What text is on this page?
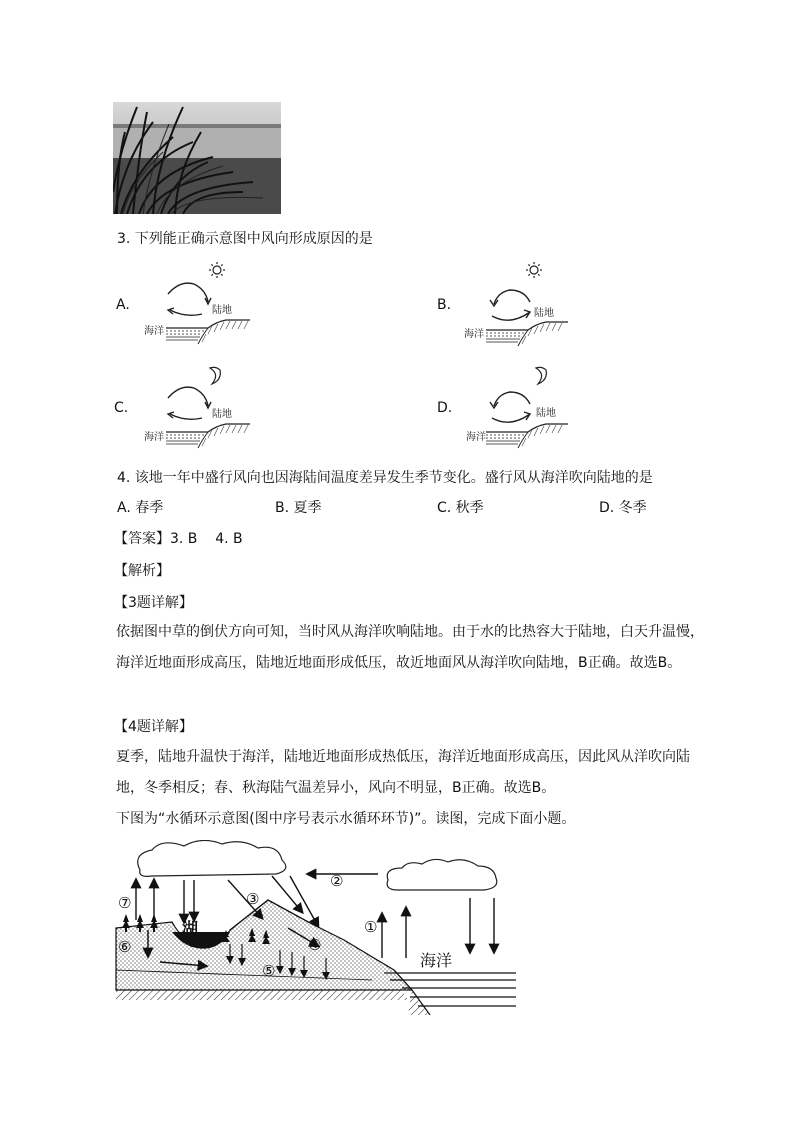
3. 下列能正确示意图中风向形成原因的是
A.	陆地
海洋
B.
陆地
海洋
C.	陆地
海洋
D.	陆地
海洋
4. 该地一年中盛行风向也因海陆间温度差异发生季节变化。盛行风从海洋吹向陆地的是
A. 春季	B. 夏季	C. 秋季	D. 冬季
【答案】3. B    4. B
【解析】
【3题详解】
依据图中草的倒伏方向可知，当时风从海洋吹响陆地。由于水的比热容大于陆地，白天升温慢，海洋近地面形成高压，陆地近地面形成低压，故近地面风从海洋吹向陆地，B正确。故选B。
【4题详解】
夏季，陆地升温快于海洋，陆地近地面形成热低压，海洋近地面形成高压，因此风从洋吹向陆地，冬季相反；春、秋海陆气温差异小，风向不明显，B正确。故选B。
下图为“水循环示意图(图中序号表示水循环环节)”。读图，完成下面小题。
湖
海洋
①
②
③
④
⑤
⑥
⑦
